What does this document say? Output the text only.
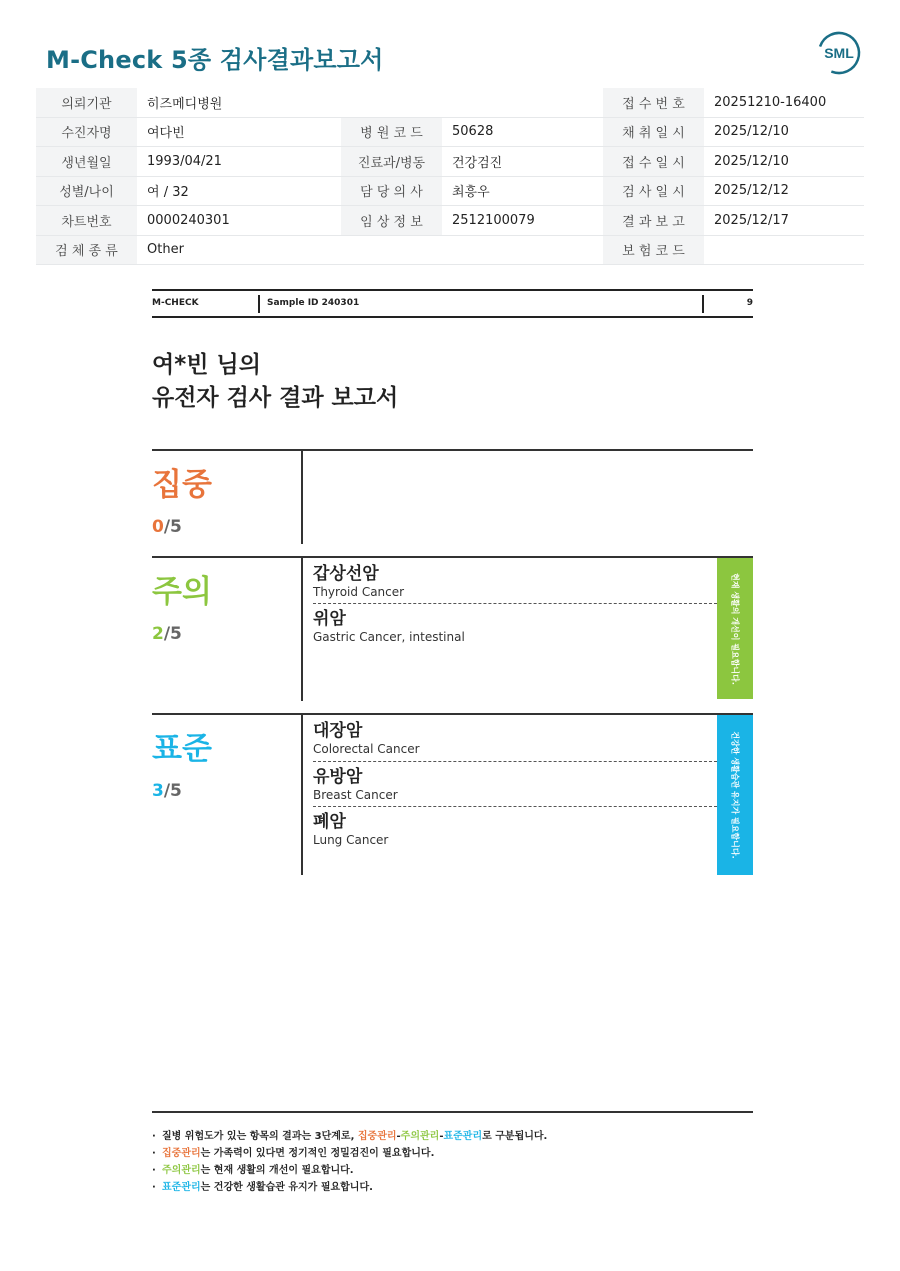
M-Check 5종 검사결과보고서	SML
의뢰기관	히즈메디병원			접 수 번 호	20251210-16400
수진자명	여다빈	병 원 코 드	50628	채 취 일 시	2025/12/10
생년월일	1993/04/21	진료과/병동	건강검진	접 수 일 시	2025/12/10
성별/나이	여 / 32	담 당 의 사	최흥우	검 사 일 시	2025/12/12
차트번호	0000240301	임 상 정 보	2512100079	결 과 보 고	2025/12/17
검 체 종 류	Other			보 험 코 드	
M-CHECK	Sample ID 240301	9
여*빈 님의
유전자 검사 결과 보고서
집중
0/5
주의
2/5
갑상선암
Thyroid Cancer
위암
Gastric Cancer, intestinal	현재 생활의 개선이 필요합니다.
표준
3/5
대장암
Colorectal Cancer
유방암
Breast Cancer
폐암
Lung Cancer	건강한 생활습관 유지가 필요합니다.
· 질병 위험도가 있는 항목의 결과는 3단계로, 집중관리-주의관리-표준관리로 구분됩니다.
· 집중관리는 가족력이 있다면 정기적인 정밀검진이 필요합니다.
· 주의관리는 현재 생활의 개선이 필요합니다.
· 표준관리는 건강한 생활습관 유지가 필요합니다.
